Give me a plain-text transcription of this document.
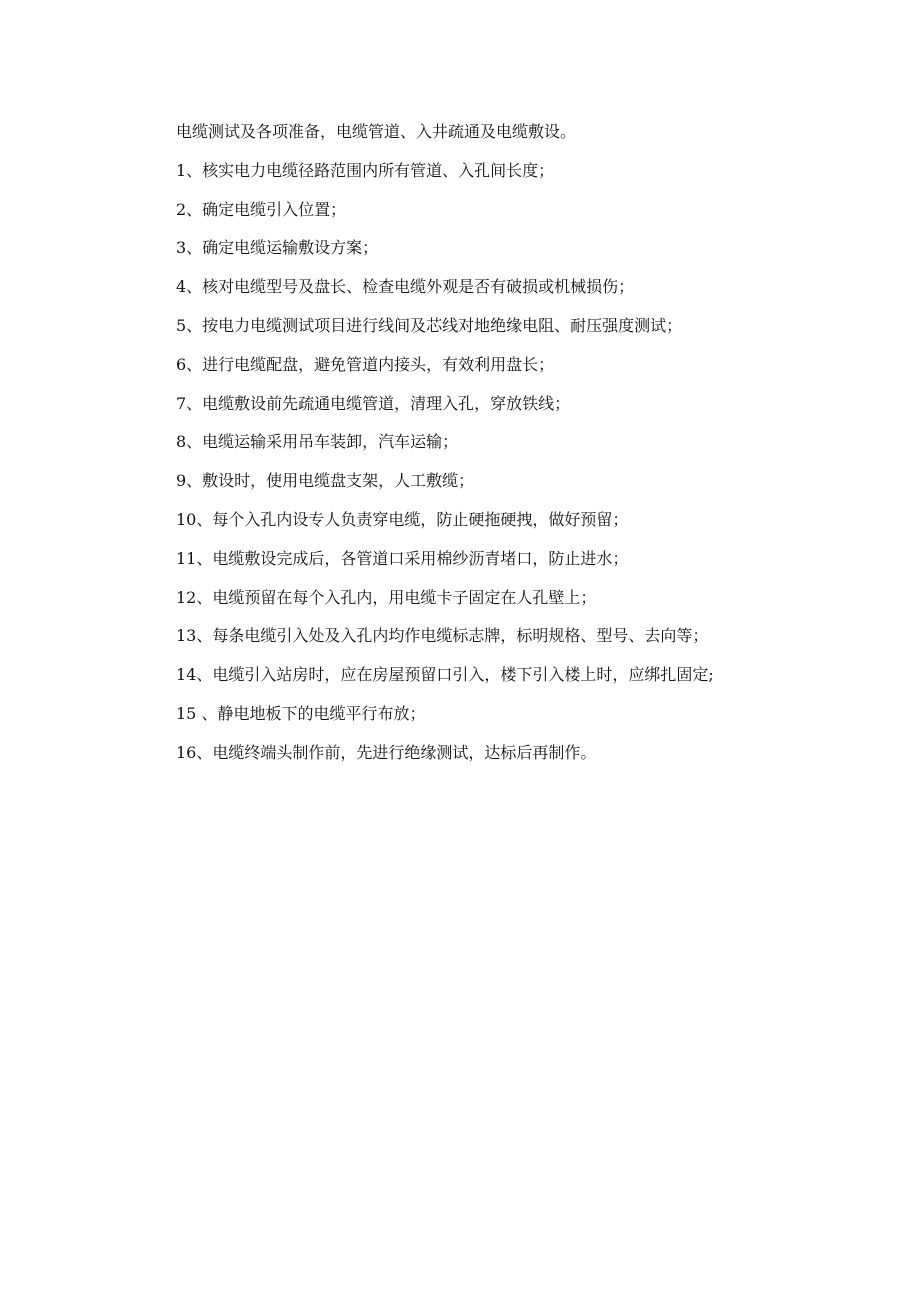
电缆测试及各项准备，电缆管道、入井疏通及电缆敷设。
1、核实电力电缆径路范围内所有管道、入孔间长度；
2、确定电缆引入位置；
3、确定电缆运输敷设方案；
4、核对电缆型号及盘长、检查电缆外观是否有破损或机械损伤；
5、按电力电缆测试项目进行线间及芯线对地绝缘电阻、耐压强度测试；
6、进行电缆配盘，避免管道内接头，有效利用盘长；
7、电缆敷设前先疏通电缆管道，清理入孔，穿放铁线；
8、电缆运输采用吊车装卸，汽车运输；
9、敷设时，使用电缆盘支架，人工敷缆；
10、每个入孔内设专人负责穿电缆，防止硬拖硬拽，做好预留；
11、电缆敷设完成后，各管道口采用棉纱沥青堵口，防止进水；
12、电缆预留在每个入孔内，用电缆卡子固定在人孔壁上；
13、每条电缆引入处及入孔内均作电缆标志牌，标明规格、型号、去向等；
14、电缆引入站房时，应在房屋预留口引入，楼下引入楼上时，应绑扎固定;
15 、静电地板下的电缆平行布放；
16、电缆终端头制作前，先进行绝缘测试，达标后再制作。
